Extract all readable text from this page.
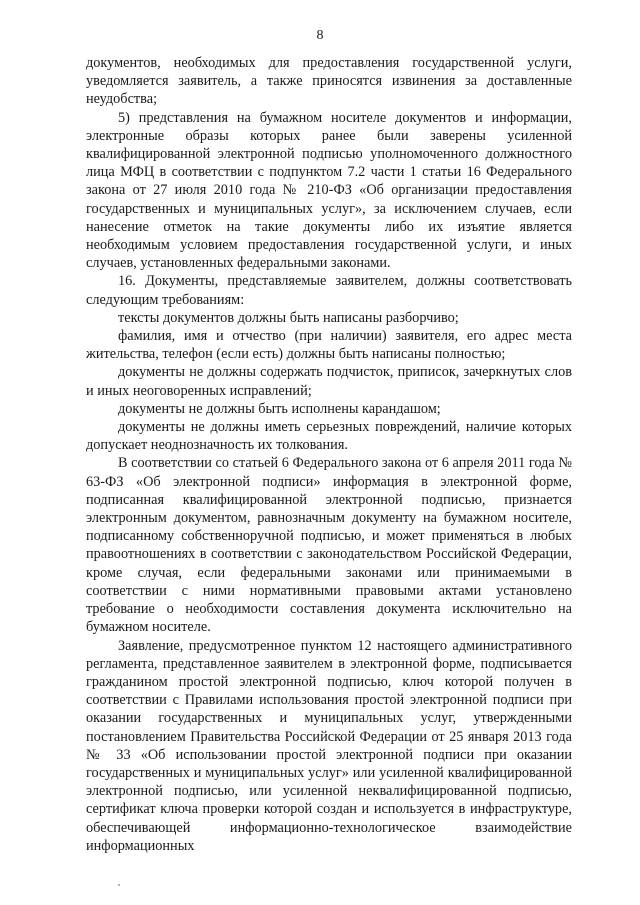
8

документов, необходимых для предоставления государственной услуги, уведомляется заявитель, а также приносятся извинения за доставленные неудобства;

5) представления на бумажном носителе документов и информации, электронные образы которых ранее были заверены усиленной квалифицированной электронной подписью уполномоченного должностного лица МФЦ в соответствии с подпунктом 7.2 части 1 статьи 16 Федерального закона от 27 июля 2010 года № 210-ФЗ «Об организации предоставления государственных и муниципальных услуг», за исключением случаев, если нанесение отметок на такие документы либо их изъятие является необходимым условием предоставления государственной услуги, и иных случаев, установленных федеральными законами.

16. Документы, представляемые заявителем, должны соответствовать следующим требованиям:

тексты документов должны быть написаны разборчиво;

фамилия, имя и отчество (при наличии) заявителя, его адрес места жительства, телефон (если есть) должны быть написаны полностью;

документы не должны содержать подчисток, приписок, зачеркнутых слов и иных неоговоренных исправлений;

документы не должны быть исполнены карандашом;

документы не должны иметь серьезных повреждений, наличие которых допускает неоднозначность их толкования.

В соответствии со статьей 6 Федерального закона от 6 апреля 2011 года № 63-ФЗ «Об электронной подписи» информация в электронной форме, подписанная квалифицированной электронной подписью, признается электронным документом, равнозначным документу на бумажном носителе, подписанному собственноручной подписью, и может применяться в любых правоотношениях в соответствии с законодательством Российской Федерации, кроме случая, если федеральными законами или принимаемыми в соответствии с ними нормативными правовыми актами установлено требование о необходимости составления документа исключительно на бумажном носителе.

Заявление, предусмотренное пунктом 12 настоящего административного регламента, представленное заявителем в электронной форме, подписывается гражданином простой электронной подписью, ключ которой получен в соответствии с Правилами использования простой электронной подписи при оказании государственных и муниципальных услуг, утвержденными постановлением Правительства Российской Федерации от 25 января 2013 года № 33 «Об использовании простой электронной подписи при оказании государственных и муниципальных услуг» или усиленной квалифицированной электронной подписью, или усиленной неквалифицированной подписью, сертификат ключа проверки которой создан и используется в инфраструктуре, обеспечивающей информационно-технологическое взаимодействие информационных
